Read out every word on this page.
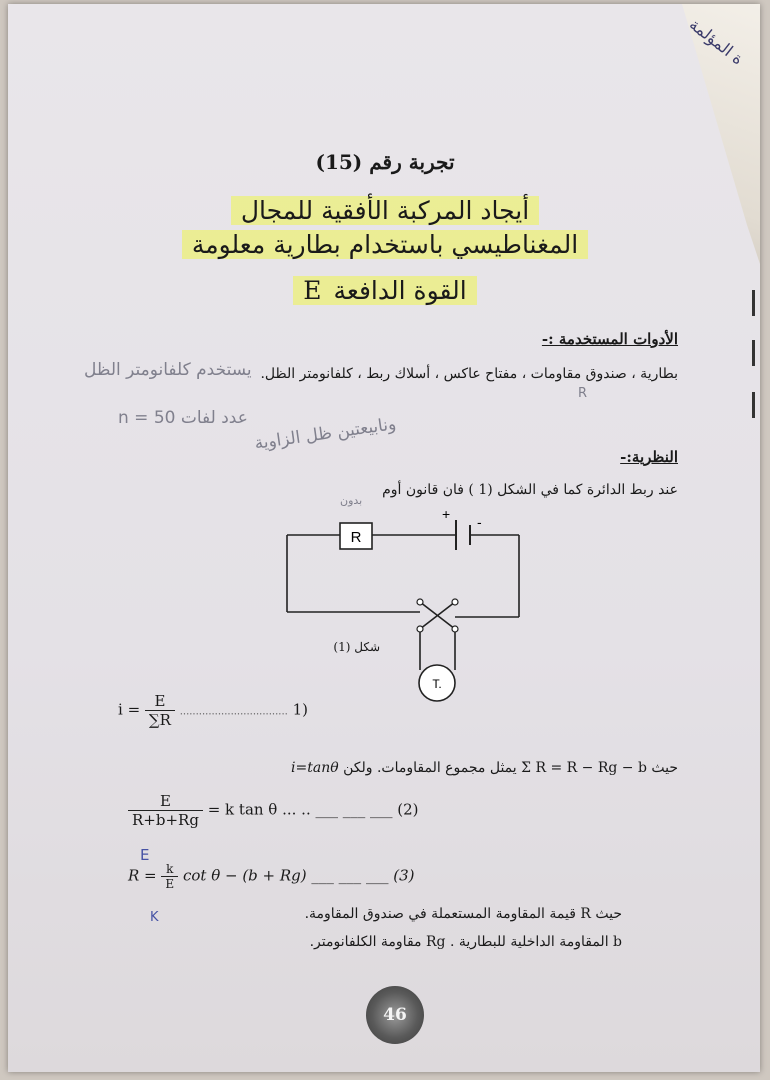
ة المؤلمة
تجربة رقم (15)
أيجاد المركبة الأفقية للمجال
المغناطيسي باستخدام بطارية معلومة
القوة الدافعة E
الأدوات المستخدمة :-
بطارية ، صندوق مقاومات ، مفتاح عاكس ، أسلاك ربط ، كلفانومتر الظل.
يستخدم كلفانومتر الظل
عدد لفات n = 50 ونابيعتين ظل الزاوية
R
النظرية:-
عند ربط الدائرة كما في الشكل (1 ) فان قانون أوم
بدون
R
+ -
T.
شكل (1)
$i = \frac{E}{\sum R}$ .................................. 1)
i=tanθ حيث Σ R = R − Rg − b يمثل مجموع المقاومات. ولكن
$\frac{E}{R+b+Rg} = k$ tan θ ... .. ___ ___ ___ (2)
E
$R = \frac{k}{E}$ cot θ − (b + Rg) ___ ___ ___ (3)
K	حيث R قيمة المقاومة المستعملة في صندوق المقاومة.
b المقاومة الداخلية للبطارية . Rg مقاومة الكلفانومتر.
46
